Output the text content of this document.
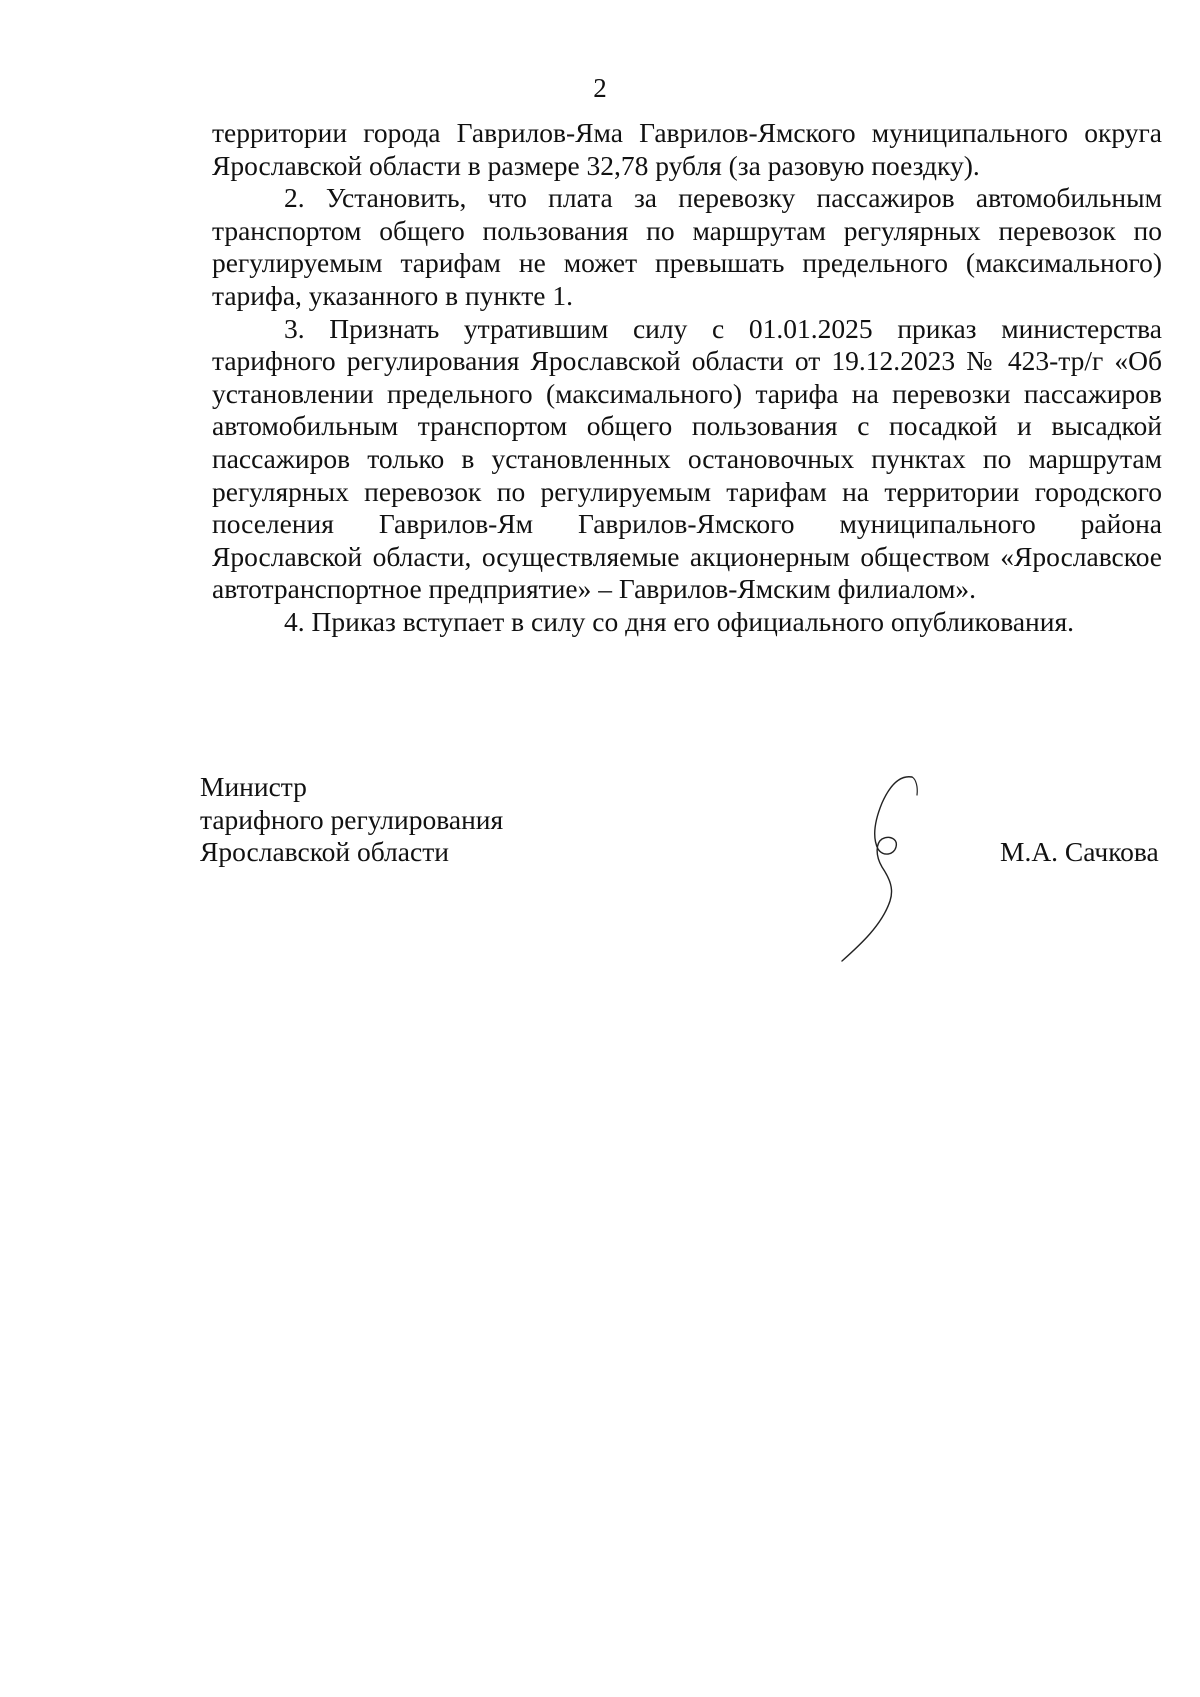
2

территории города Гаврилов-Яма Гаврилов-Ямского муниципального округа Ярославской области в размере 32,78 рубля (за разовую поездку).

2. Установить, что плата за перевозку пассажиров автомобильным транспортом общего пользования по маршрутам регулярных перевозок по регулируемым тарифам не может превышать предельного (максимального) тарифа, указанного в пункте 1.

3. Признать утратившим силу с 01.01.2025 приказ министерства тарифного регулирования Ярославской области от 19.12.2023 № 423-тр/г «Об установлении предельного (максимального) тарифа на перевозки пассажиров автомобильным транспортом общего пользования с посадкой и высадкой пассажиров только в установленных остановочных пунктах по маршрутам регулярных перевозок по регулируемым тарифам на территории городского поселения Гаврилов-Ям Гаврилов-Ямского муниципального района Ярославской области, осуществляемые акционерным обществом «Ярославское автотранспортное предприятие» – Гаврилов-Ямским филиалом».

4. Приказ вступает в силу со дня его официального опубликования.

Министр
тарифного регулирования
Ярославской области	М.А. Сачкова
